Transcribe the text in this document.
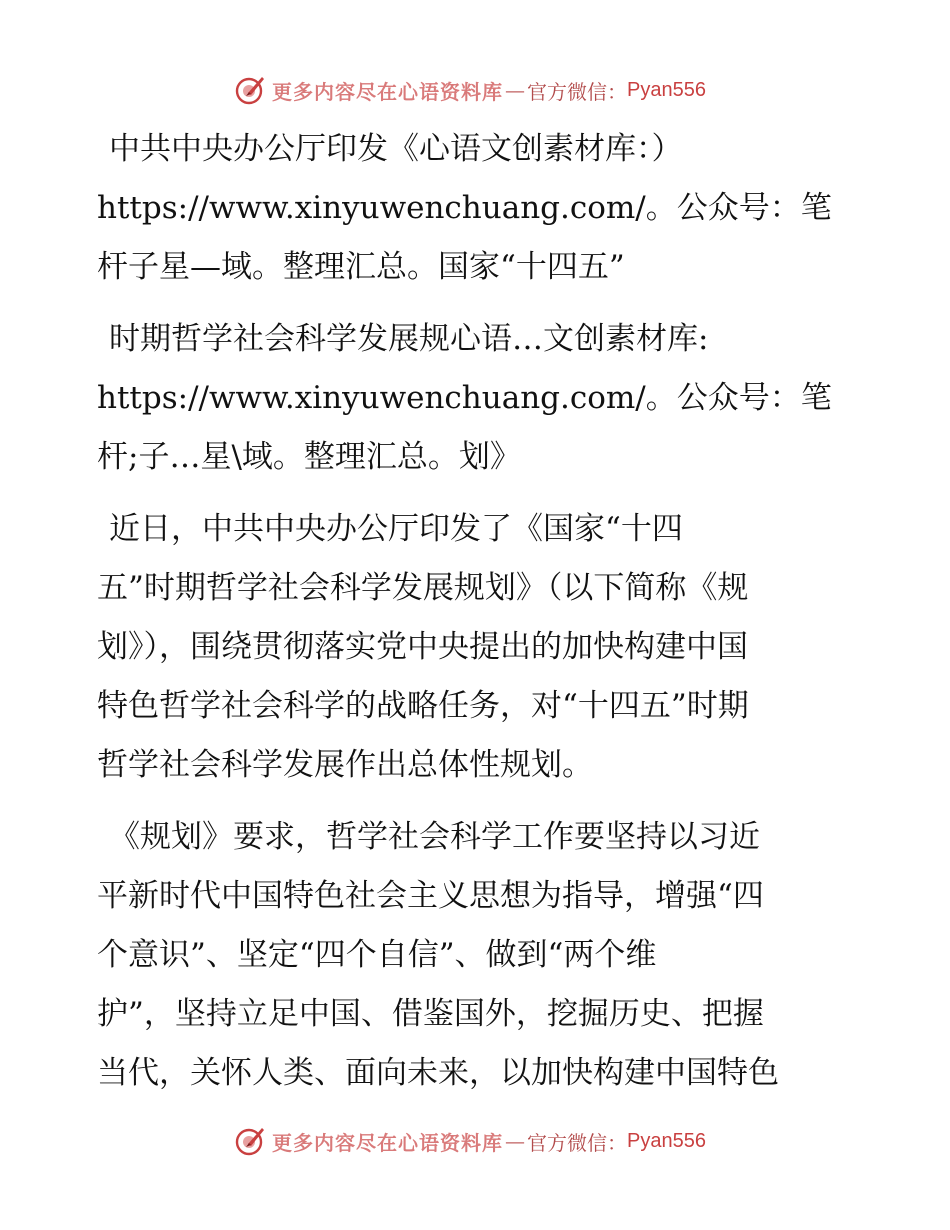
更多内容尽在心语资料库 — 官方微信： Pyan556
中共中央办公厅印发《心语文创素材库：）
https://www.xinyuwenchuang.com/。公众号：笔
杆子星—域。整理汇总。国家“十四五”
时期哲学社会科学发展规心语…文创素材库:
https://www.xinyuwenchuang.com/。公众号：笔
杆;子…星\域。整理汇总。划》
近日，中共中央办公厅印发了《国家“十四
五”时期哲学社会科学发展规划》（以下简称《规
划》），围绕贯彻落实党中央提出的加快构建中国
特色哲学社会科学的战略任务，对“十四五”时期
哲学社会科学发展作出总体性规划。
《规划》要求，哲学社会科学工作要坚持以习近
平新时代中国特色社会主义思想为指导，增强“四
个意识”、坚定“四个自信”、做到“两个维
护”，坚持立足中国、借鉴国外，挖掘历史、把握
当代，关怀人类、面向未来，以加快构建中国特色
更多内容尽在心语资料库 — 官方微信： Pyan556
